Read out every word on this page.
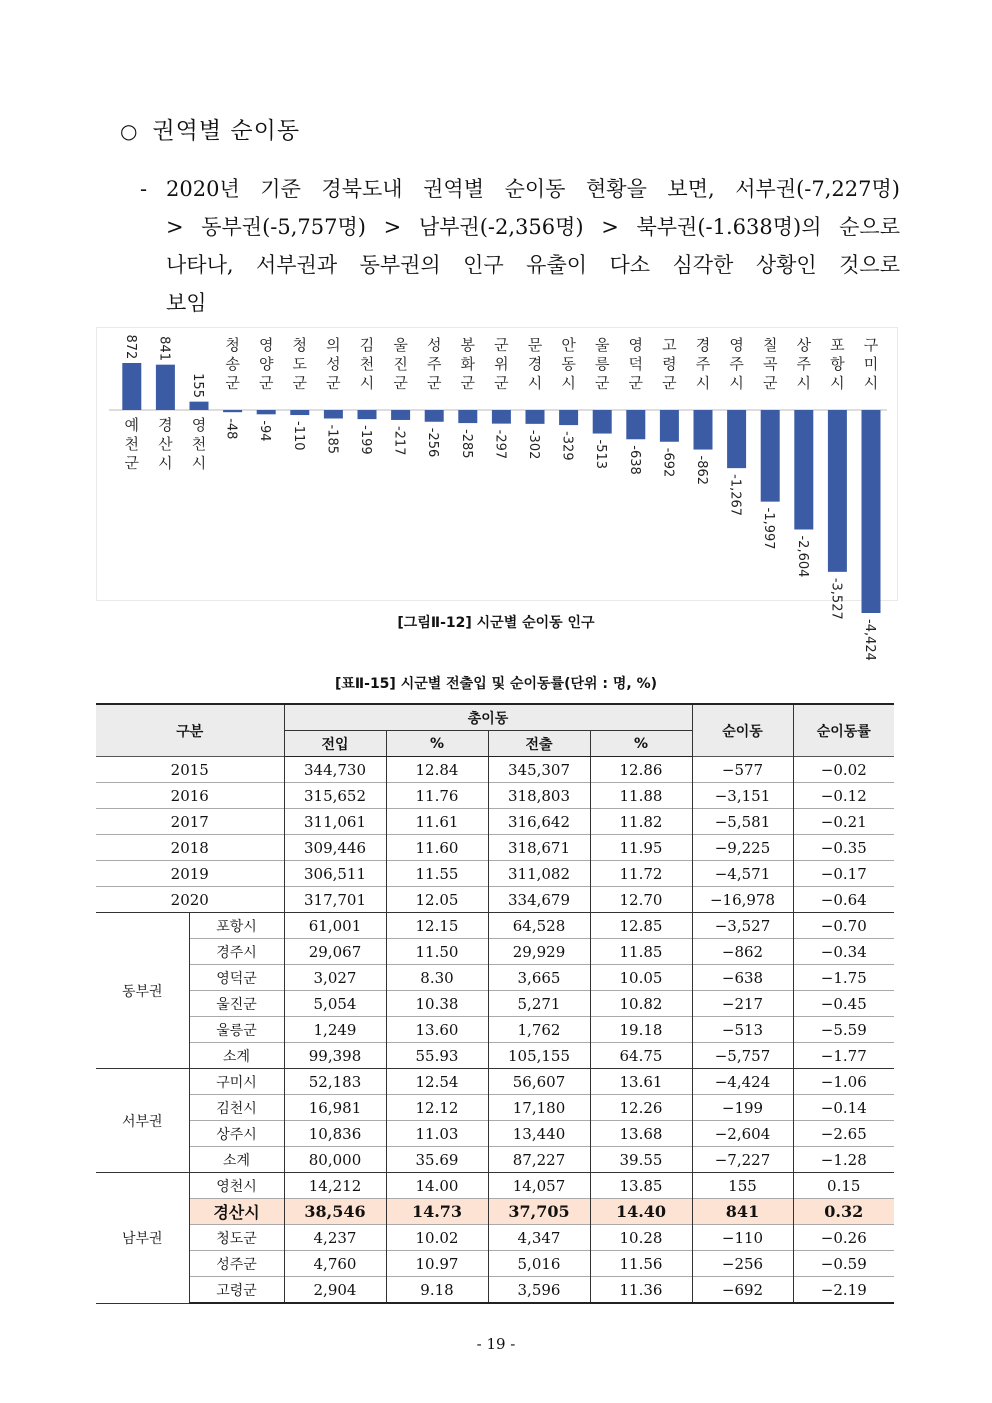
○ 권역별 순이동
- 2020년 기준 경북도내 권역별 순이동 현황을 보면, 서부권(-7,227명)
> 동부권(-5,757명) > 남부권(-2,356명) > 북부권(-1.638명)의 순으로
나타나, 서부권과 동부권의 인구 유출이 다소 심각한 상황인 것으로
보임
예 천 군
872
경 산 시
841
영 천 시
155
청 송 군
-48
영 양 군
-94
청 도 군
-110
의 성 군
-185
김 천 시
-199
울 진 군
-217
성 주 군
-256
봉 화 군
-285
군 위 군
-297
문 경 시
-302
안 동 시
-329
울 릉 군
-513
영 덕 군
-638
고 령 군
-692
경 주 시
-862
영 주 시
-1,267
칠 곡 군
-1,997
상 주 시
-2,604
포 항 시
-3,527
구 미 시
-4,424
[그림Ⅱ-12] 시군별 순이동 인구
[표Ⅱ-15] 시군별 전출입 및 순이동률(단위 : 명, %)
구분		총이동				순이동	순이동률
		전입	%	전출	%		
2015		344,730	12.84	345,307	12.86	−577	−0.02
2016		315,652	11.76	318,803	11.88	−3,151	−0.12
2017		311,061	11.61	316,642	11.82	−5,581	−0.21
2018		309,446	11.60	318,671	11.95	−9,225	−0.35
2019		306,511	11.55	311,082	11.72	−4,571	−0.17
2020		317,701	12.05	334,679	12.70	−16,978	−0.64
동부권	포항시	61,001	12.15	64,528	12.85	−3,527	−0.70
	경주시	29,067	11.50	29,929	11.85	−862	−0.34
	영덕군	3,027	8.30	3,665	10.05	−638	−1.75
	울진군	5,054	10.38	5,271	10.82	−217	−0.45
	울릉군	1,249	13.60	1,762	19.18	−513	−5.59
	소계	99,398	55.93	105,155	64.75	−5,757	−1.77
서부권	구미시	52,183	12.54	56,607	13.61	−4,424	−1.06
	김천시	16,981	12.12	17,180	12.26	−199	−0.14
	상주시	10,836	11.03	13,440	13.68	−2,604	−2.65
	소계	80,000	35.69	87,227	39.55	−7,227	−1.28
남부권	영천시	14,212	14.00	14,057	13.85	155	0.15
	경산시	38,546	14.73	37,705	14.40	841	0.32
	청도군	4,237	10.02	4,347	10.28	−110	−0.26
	성주군	4,760	10.97	5,016	11.56	−256	−0.59
	고령군	2,904	9.18	3,596	11.36	−692	−2.19
- 19 -
